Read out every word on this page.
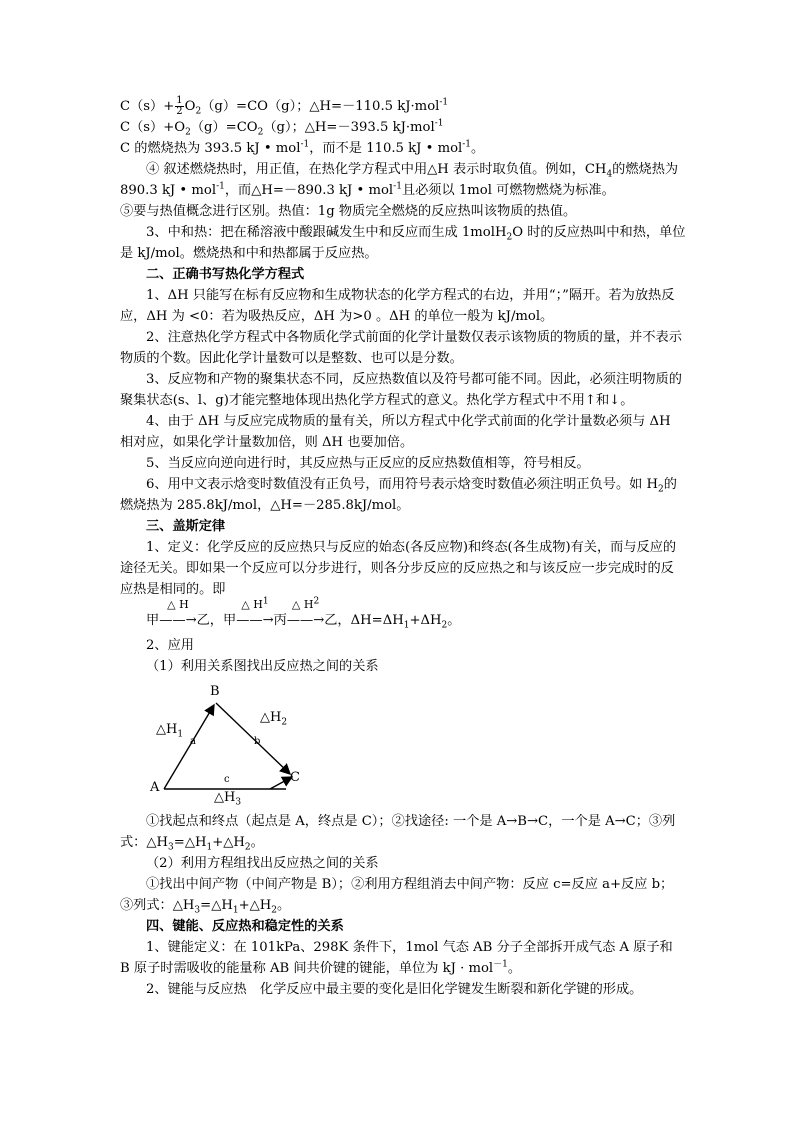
$C(s)+ \frac{1}{2} O_2(g)=CO(g)$；△H=－110.5 kJ·mol$^{-1}$

$C(s)+O_2(g)=CO_2(g)$；△H=－393.5 kJ·mol$^{-1}$

C 的燃烧热为 393.5 kJ • mol$^{-1}$，而不是 110.5 kJ • mol$^{-1}$。

④ 叙述燃烧热时，用正值，在热化学方程式中用△H 表示时取负值。例如，$CH_4$的燃烧热为 890.3 kJ • mol$^{-1}$，而△H=－890.3 kJ • mol$^{-1}$且必须以 1mol 可燃物燃烧为标准。

⑤要与热值概念进行区别。热值：1g 物质完全燃烧的反应热叫该物质的热值。

3、中和热：把在稀溶液中酸跟碱发生中和反应而生成 1molH$_2$O 时的反应热叫中和热，单位是 kJ/mol。燃烧热和中和热都属于反应热。

二、正确书写热化学方程式

1、ΔH 只能写在标有反应物和生成物状态的化学方程式的右边，并用“；”隔开。若为放热反应，ΔH 为 <0：若为吸热反应，ΔH 为>0 。ΔH 的单位一般为 kJ/mol。

2、注意热化学方程式中各物质化学式前面的化学计量数仅表示该物质的物质的量，并不表示物质的个数。因此化学计量数可以是整数、也可以是分数。

3、反应物和产物的聚集状态不同，反应热数值以及符号都可能不同。因此，必须注明物质的聚集状态(s、l、g)才能完整地体现出热化学方程式的意义。热化学方程式中不用↑和↓。

4、由于 ΔH 与反应完成物质的量有关，所以方程式中化学式前面的化学计量数必须与 ΔH 相对应，如果化学计量数加倍，则 ΔH 也要加倍。

5、当反应向逆向进行时，其反应热与正反应的反应热数值相等，符号相反。

6、用中文表示焓变时数值没有正负号，而用符号表示焓变时数值必须注明正负号。如 $H_2$的燃烧热为 285.8kJ/mol，△H=－285.8kJ/mol。

三、盖斯定律

1、定义：化学反应的反应热只与反应的始态(各反应物)和终态(各生成物)有关，而与反应的途径无关。即如果一个反应可以分步进行，则各分步反应的反应热之和与该反应一步完成时的反应热是相同的。即

甲
△ H
——→乙，甲
△ $H^1$
——→丙
△ $H^2$
——→乙，$\Delta H=\Delta H_1+\Delta H_2$。

2、应用

（1）利用关系图找出反应热之间的关系

A
B
C
a	b
c
$\triangle H_1$
$\triangle H_2$
$\triangle H_3$

①找起点和终点（起点是 A，终点是 C）；②找途径: 一个是 A→B→C，一个是 A→C；③列式：$\triangle H_3=\triangle H_1+\triangle H_2$。

（2）利用方程组找出反应热之间的关系

①找出中间产物（中间产物是 B）；②利用方程组消去中间产物：反应 c=反应 a+反应 b；③列式：$\triangle H_3=\triangle H_1+\triangle H_2$。

四、键能、反应热和稳定性的关系

1、键能定义：在 101kPa、298K 条件下，1mol 气态 AB 分子全部拆开成气态 A 原子和 B 原子时需吸收的能量称 AB 间共价键的键能，单位为 kJ · mol$^{-1}$。

2、键能与反应热　化学反应中最主要的变化是旧化学键发生断裂和新化学键的形成。
